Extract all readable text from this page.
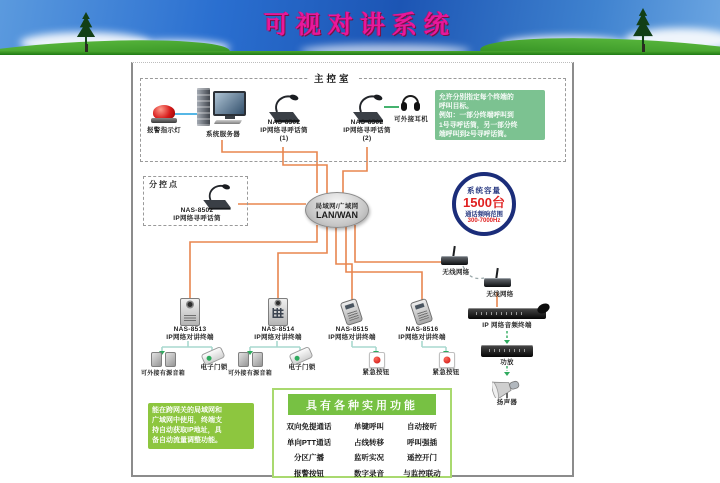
可视对讲系统
主控室
报警指示灯
系统服务器
NAS-8502
IP网络寻呼话筒
(1)
NAS-8502
IP网络寻呼话筒
(2)
可外接耳机
允许分别指定每个终端的
呼叫目标。
例如：一部分终端呼叫到
1号寻呼话筒，另一部分终
端呼叫到2号寻呼话筒。
分控点
NAS-8502
IP网络寻呼话筒
局域网/广域网
LAN/WAN
系统容量
1500台
通话频响范围
300-7000Hz
无线网络
无线网络
NAS-8513
IP网络对讲终端
NAS-8514
IP网络对讲终端
NAS-8515
IP网络对讲终端
NAS-8516
IP网络对讲终端
可外接有源音箱
电子门锁
可外接有源音箱
电子门锁
紧急按钮	紧急按钮
IP 网络音频终端
功放
扬声器
能在跨网关的局域网和
广域网中使用，终端支
持自动获取IP地址，具
备自动流量调整功能。
具有各种实用功能
双向免提通话	单键呼叫	自动接听
单向PTT通话	占线转移	呼叫强插
分区广播	监听实况	遥控开门
报警按钮	数字录音	与监控联动
